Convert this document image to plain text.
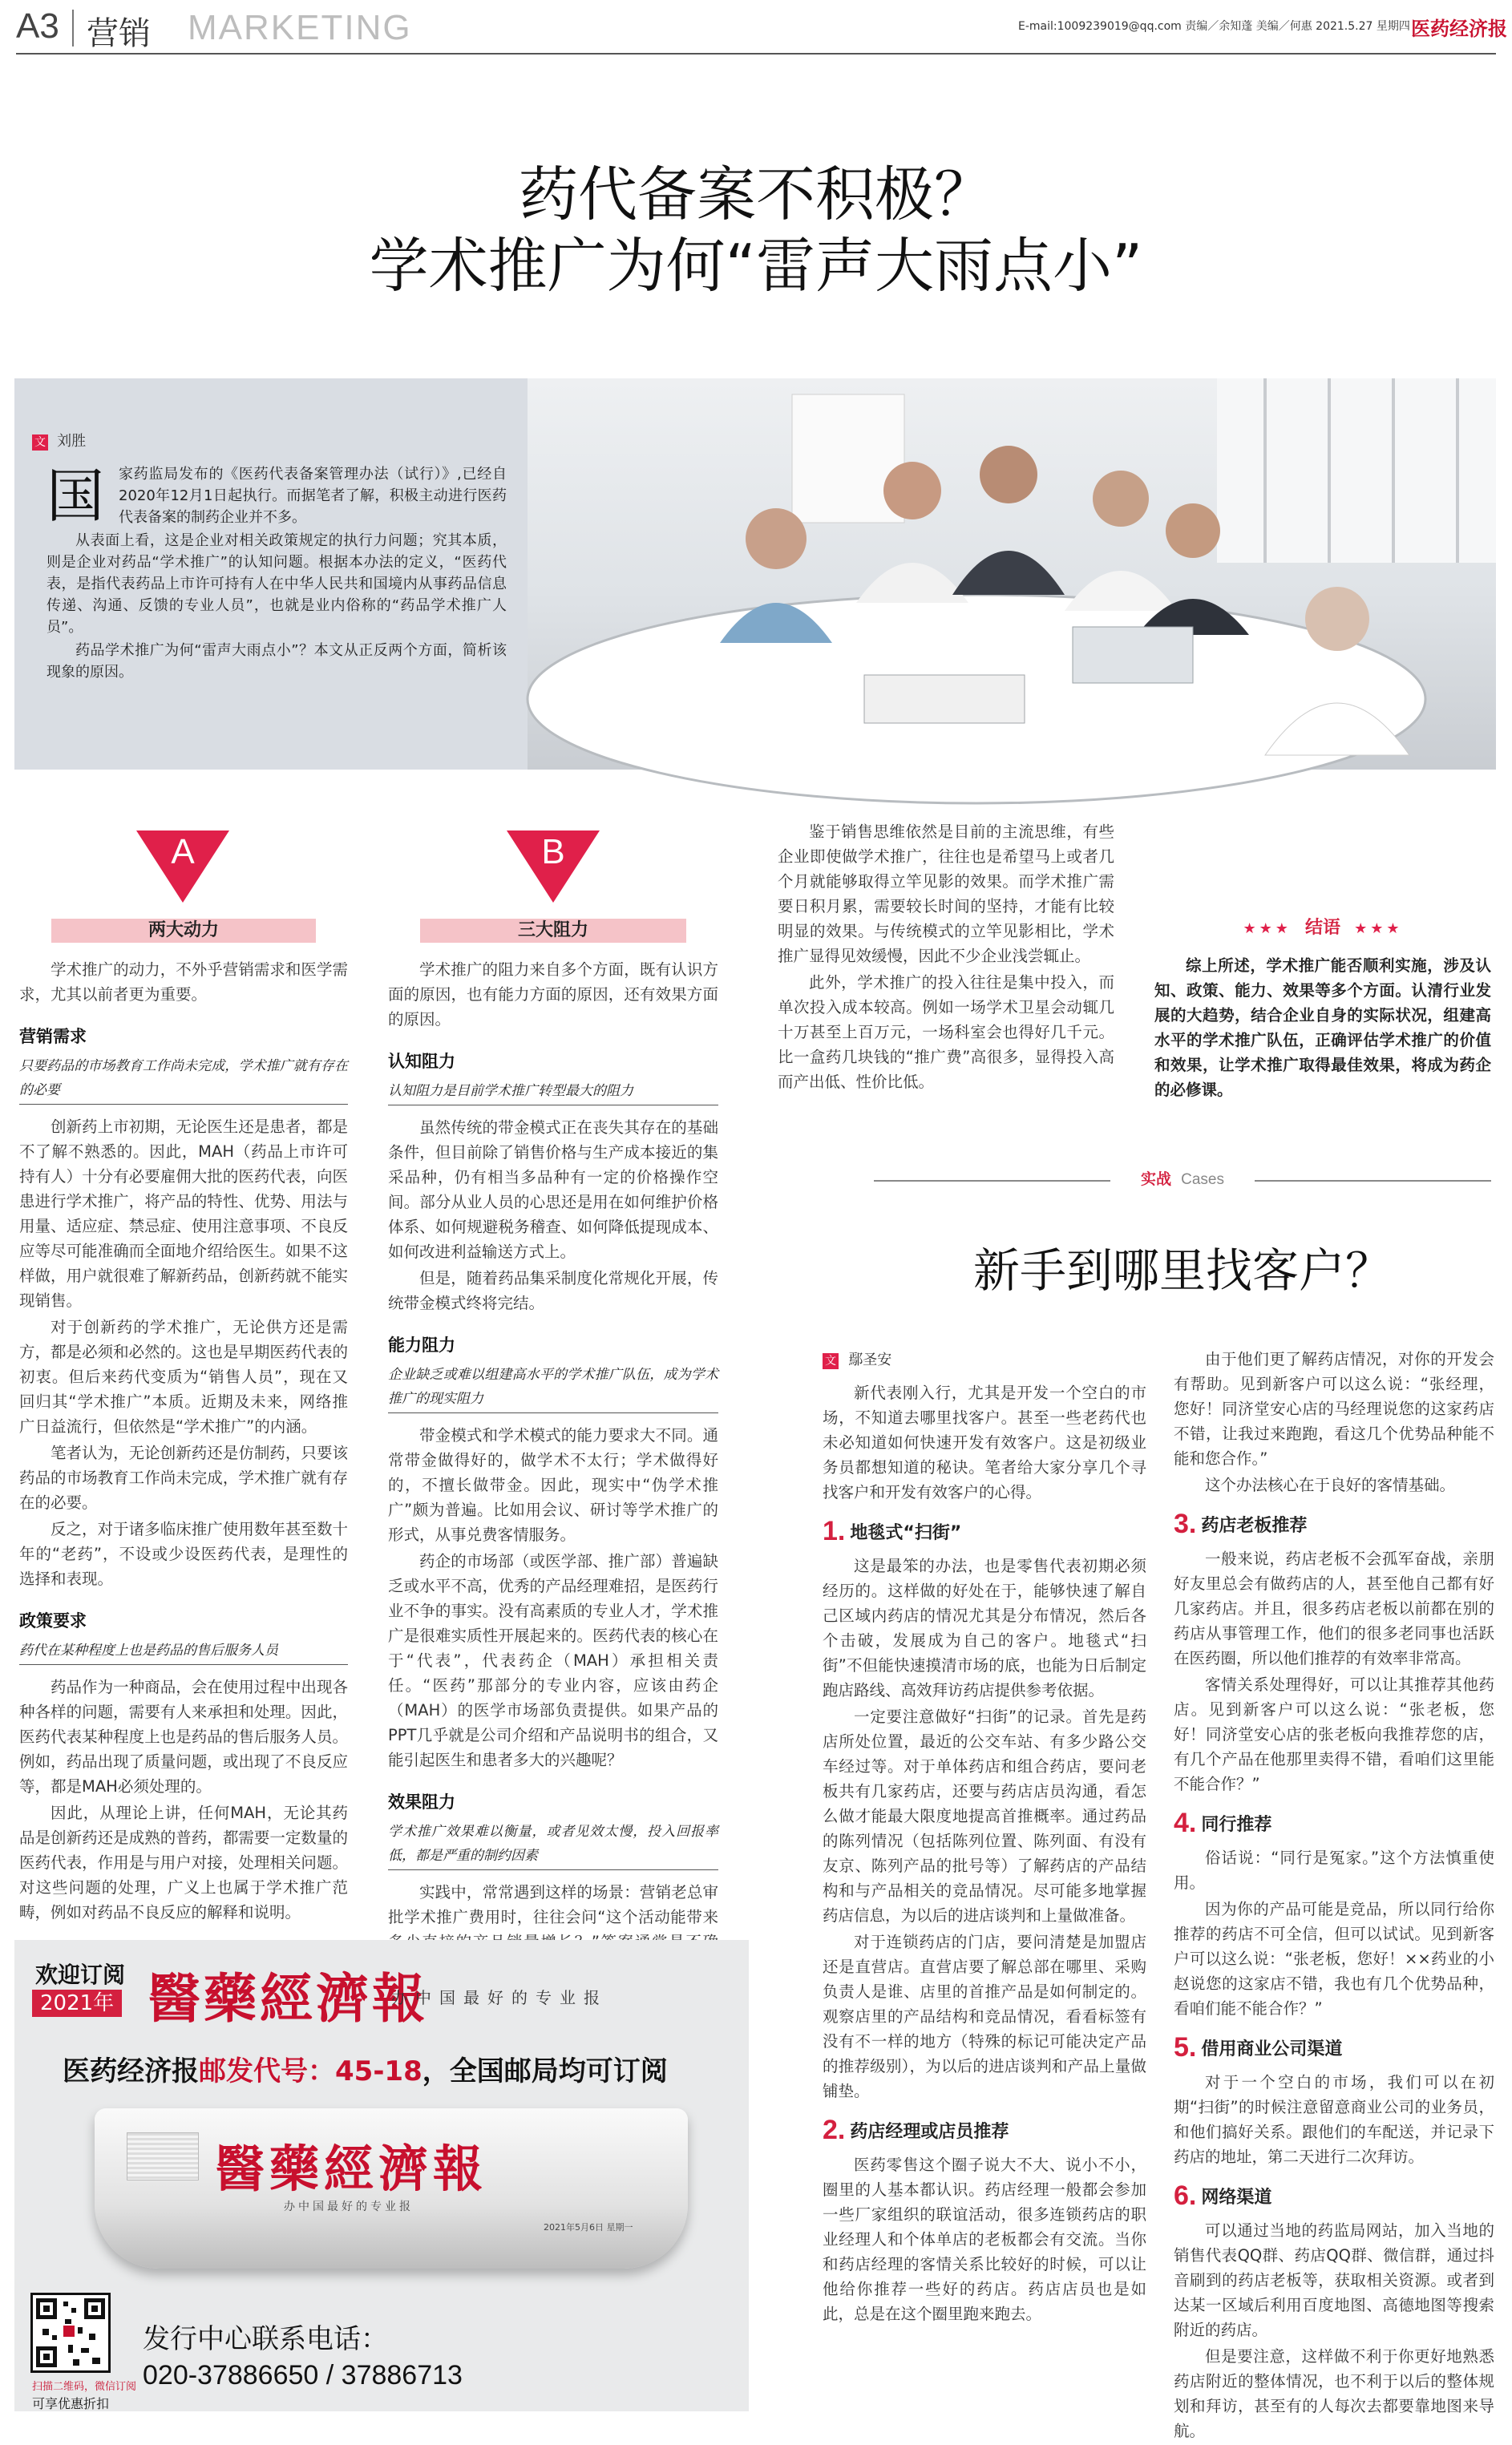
A3 营销 MARKETING	E-mail:1009239019@qq.com 责编／余知蓬 美编／何惠 2021.5.27 星期四 医药经济报
药代备案不积极？
学术推广为何“雷声大雨点小”
文 刘胜
国 家药监局发布的《医药代表备案管理办法（试行）》,已经自2020年12月1日起执行。而据笔者了解，积极主动进行医药代表备案的制药企业并不多。

从表面上看，这是企业对相关政策规定的执行力问题；究其本质，则是企业对药品“学术推广”的认知问题。根据本办法的定义，“医药代表，是指代表药品上市许可持有人在中华人民共和国境内从事药品信息传递、沟通、反馈的专业人员”，也就是业内俗称的“药品学术推广人员”。

药品学术推广为何“雷声大雨点小”？本文从正反两个方面，简析该现象的原因。

A
两大动力

学术推广的动力，不外乎营销需求和医学需求，尤其以前者更为重要。

营销需求
只要药品的市场教育工作尚未完成，学术推广就有存在的必要

创新药上市初期，无论医生还是患者，都是不了解不熟悉的。因此，MAH（药品上市许可持有人）十分有必要雇佣大批的医药代表，向医患进行学术推广，将产品的特性、优势、用法与用量、适应症、禁忌症、使用注意事项、不良反应等尽可能准确而全面地介绍给医生。如果不这样做，用户就很难了解新药品，创新药就不能实现销售。

对于创新药的学术推广，无论供方还是需方，都是必须和必然的。这也是早期医药代表的初衷。但后来药代变质为“销售人员”，现在又回归其“学术推广”本质。近期及未来，网络推广日益流行，但依然是“学术推广”的内涵。

笔者认为，无论创新药还是仿制药，只要该药品的市场教育工作尚未完成，学术推广就有存在的必要。

反之，对于诸多临床推广使用数年甚至数十年的“老药”，不设或少设医药代表，是理性的选择和表现。

政策要求
药代在某种程度上也是药品的售后服务人员

药品作为一种商品，会在使用过程中出现各种各样的问题，需要有人来承担和处理。因此，医药代表某种程度上也是药品的售后服务人员。例如，药品出现了质量问题，或出现了不良反应等，都是MAH必须处理的。

因此，从理论上讲，任何MAH，无论其药品是创新药还是成熟的普药，都需要一定数量的医药代表，作用是与用户对接，处理相关问题。对这些问题的处理，广义上也属于学术推广范畴，例如对药品不良反应的解释和说明。

B
三大阻力

学术推广的阻力来自多个方面，既有认识方面的原因，也有能力方面的原因，还有效果方面的原因。

认知阻力
认知阻力是目前学术推广转型最大的阻力

虽然传统的带金模式正在丧失其存在的基础条件，但目前除了销售价格与生产成本接近的集采品种，仍有相当多品种有一定的价格操作空间。部分从业人员的心思还是用在如何维护价格体系、如何规避税务稽查、如何降低提现成本、如何改进利益输送方式上。

但是，随着药品集采制度化常规化开展，传统带金模式终将完结。

能力阻力
企业缺乏或难以组建高水平的学术推广队伍，成为学术推广的现实阻力

带金模式和学术模式的能力要求大不同。通常带金做得好的，做学术不太行；学术做得好的，不擅长做带金。因此，现实中“伪学术推广”颇为普遍。比如用会议、研讨等学术推广的形式，从事兑费客情服务。

药企的市场部（或医学部、推广部）普遍缺乏或水平不高，优秀的产品经理难招，是医药行业不争的事实。没有高素质的专业人才，学术推广是很难实质性开展起来的。医药代表的核心在于“代表”，代表药企（MAH）承担相关责任。“医药”那部分的专业内容，应该由药企（MAH）的医学市场部负责提供。如果产品的PPT几乎就是公司介绍和产品说明书的组合，又能引起医生和患者多大的兴趣呢？

效果阻力
学术推广效果难以衡量，或者见效太慢，投入回报率低，都是严重的制约因素

实践中，常常遇到这样的场景：营销老总审批学术推广费用时，往往会问“这个活动能带来

鉴于销售思维依然是目前的主流思维，有些企业即使做学术推广，往往也是希望马上或者几个月就能够取得立竿见影的效果。而学术推广需要日积月累，需要较长时间的坚持，才能有比较明显的效果。与传统模式的立竿见影相比，学术推广显得见效缓慢，因此不少企业浅尝辄止。

此外，学术推广的投入往往是集中投入，而单次投入成本较高。例如一场学术卫星会动辄几十万甚至上百万元，一场科室会也得好几千元。比一盒药几块钱的“推广费”高很多，显得投入高而产出低、性价比低。

★★★ 结语 ★★★

综上所述，学术推广能否顺利实施，涉及认知、政策、能力、效果等多个方面。认清行业发展的大趋势，结合企业自身的实际状况，组建高水平的学术推广队伍，正确评估学术推广的价值和效果，让学术推广取得最佳效果，将成为药企的必修课。

实战 Cases
新手到哪里找客户？
文 鄢圣安

新代表刚入行，尤其是开发一个空白的市场，不知道去哪里找客户。甚至一些老药代也未必知道如何快速开发有效客户。这是初级业务员都想知道的秘诀。笔者给大家分享几个寻找客户和开发有效客户的心得。

1. 地毯式“扫街”

这是最笨的办法，也是零售代表初期必须经历的。这样做的好处在于，能够快速了解自己区域内药店的情况尤其是分布情况，然后各个击破，发展成为自己的客户。地毯式“扫街”不但能快速摸清市场的底，也能为日后制定跑店路线、高效拜访药店提供参考依据。

一定要注意做好“扫街”的记录。首先是药店所处位置，最近的公交车站、有多少路公交车经过等。对于单体药店和组合药店，要问老板共有几家药店，还要与药店店员沟通，看怎么做才能最大限度地提高首推概率。通过药品的陈列情况（包括陈列位置、陈列面、有没有友京、陈列产品的批号等）了解药店的产品结构和与产品相关的竞品情况。尽可能多地掌握药店信息，为以后的进店谈判和上量做准备。

对于连锁药店的门店，要问清楚是加盟店还是直营店。直营店要了解总部在哪里、采购负责人是谁、店里的首推产品是如何制定的。观察店里的产品结构和竞品情况，看看标签有没有不一样的地方（特殊的标记可能决定产品的推荐级别），为以后的进店谈判和产品上量做铺垫。

2. 药店经理或店员推荐

医药零售这个圈子说大不大、说小不小，圈里的人基本都认识。药店经理一般都会参加一些厂家组织的联谊活动，很多连锁药店的职业经理人和个体单店的老板都会有交流。当你和药店经理的客情关系比较好的时候，可以让他给你推荐一些好的药店。药店店员也是如此，总是在这个圈里跑来跑去。

由于他们更了解药店情况，对你的开发会有帮助。见到新客户可以这么说：“张经理，您好！同济堂安心店的马经理说您的这家药店不错，让我过来跑跑，看这几个优势品种能不能和您合作。”

这个办法核心在于良好的客情基础。

3. 药店老板推荐

一般来说，药店老板不会孤军奋战，亲朋好友里总会有做药店的人，甚至他自己都有好几家药店。并且，很多药店老板以前都在别的药店从事管理工作，他们的很多老同事也活跃在医药圈，所以他们推荐的有效率非常高。

客情关系处理得好，可以让其推荐其他药店。见到新客户可以这么说：“张老板，您好！同济堂安心店的张老板向我推荐您的店，有几个产品在他那里卖得不错，看咱们这里能不能合作？”

4. 同行推荐

俗话说：“同行是冤家。”这个方法慎重使用。

因为你的产品可能是竞品，所以同行给你推荐的药店不可全信，但可以试试。见到新客户可以这么说：“张老板，您好！××药业的小赵说您的这家店不错，我也有几个优势品种，看咱们能不能合作？”

5. 借用商业公司渠道

对于一个空白的市场，我们可以在初期“扫街”的时候注意留意商业公司的业务员，和他们搞好关系。跟他们的车配送，并记录下药店的地址，第二天进行二次拜访。

6. 网络渠道

可以通过当地的药监局网站，加入当地的销售代表QQ群、药店QQ群、微信群，通过抖音刷到的药店老板等，获取相关资源。或者到达某一区域后利用百度地图、高德地图等搜索附近的药店。

但是要注意，这样做不利于你更好地熟悉药店附近的整体情况，也不利于以后的整体规划和拜访，甚至有的人每次去都要靠地图来导航。

欢迎订阅
2021年 醫藥經濟報
办中国最好的专业报
医药经济报邮发代号：45-18，全国邮局均可订阅
醫藥經濟報
办中国最好的专业报
2021年5月6日 星期一
扫描二维码，微信订阅
可享优惠折扣
发行中心联系电话：
020-37886650 / 37886713
